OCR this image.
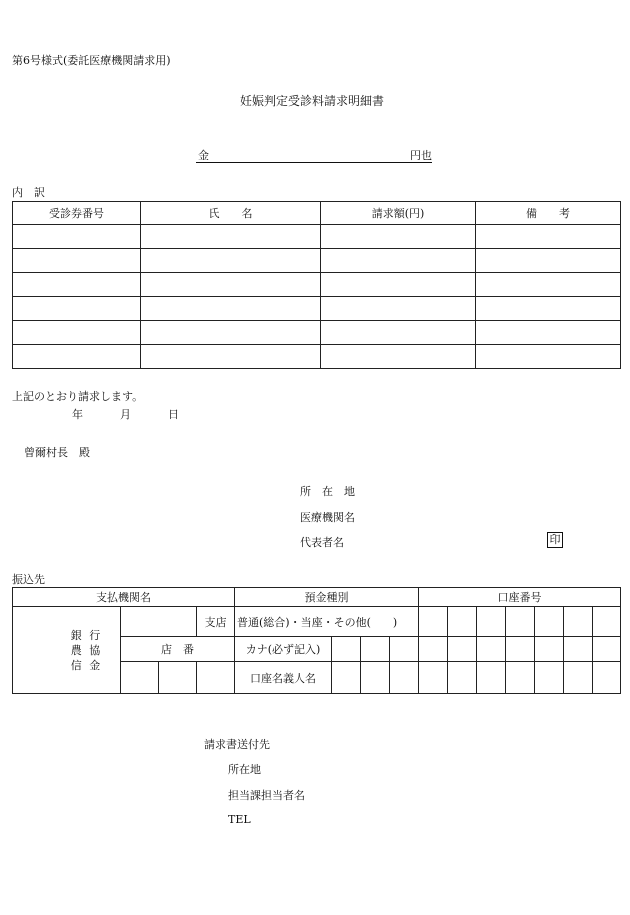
第6号様式(委託医療機関請求用)
妊娠判定受診料請求明細書
金	円也
内　訳
受診券番号	氏　　名	請求額(円)	備　　考

上記のとおり請求します。
年	月	日
曾爾村長　殿
所　在　地
医療機関名
代表者名	印
振込先
支払機関名				預金種別				口座番号							

銀 行
農 協
信 金			支店	普通(総合)・当座・その他(　　)											
	店　番			カナ(必ず記入)											
				口座名義人名											
請求書送付先
所在地
担当課担当者名
TEL
